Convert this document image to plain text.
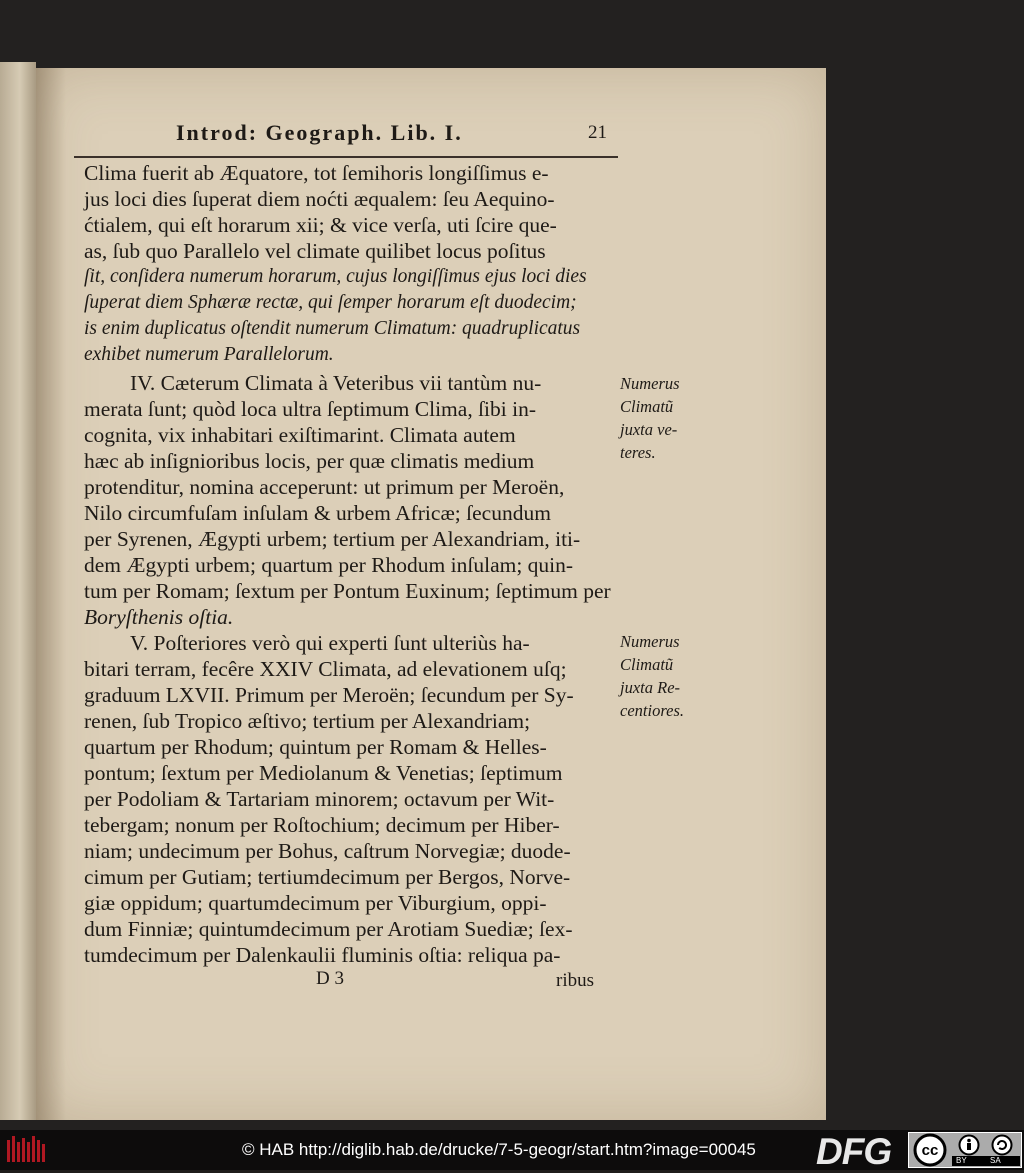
Introd: Geograph. Lib. I.	21
Clima fuerit ab Æquatore, tot ſemihoris longiſſimus e-
jus loci dies ſuperat diem noćti æqualem: ſeu Aequino-
ćtialem, qui eſt horarum xii; & vice verſa, uti ſcire que-
as, ſub quo Parallelo vel climate quilibet locus poſitus
ſit, conſidera numerum horarum, cujus longiſſimus ejus loci dies
ſuperat diem Sphæræ rectæ, qui ſemper horarum eſt duodecim;
is enim duplicatus oſtendit numerum Climatum: quadruplicatus
exhibet numerum Parallelorum.
IV. Cæterum Climata à Veteribus vii tantùm nu-
merata ſunt; quòd loca ultra ſeptimum Clima, ſibi in-
cognita, vix inhabitari exiſtimarint. Climata autem
hæc ab inſignioribus locis, per quæ climatis medium
protenditur, nomina acceperunt: ut primum per Meroën,
Nilo circumfuſam inſulam & urbem Africæ; ſecundum
per Syrenen, Ægypti urbem; tertium per Alexandriam, iti-
dem Ægypti urbem; quartum per Rhodum inſulam; quin-
tum per Romam; ſextum per Pontum Euxinum; ſeptimum per
Boryſthenis oſtia.
V. Poſteriores verò qui experti ſunt ulteriùs ha-
bitari terram, fecêre XXIV Climata, ad elevationem uſq;
graduum LXVII. Primum per Meroën; ſecundum per Sy-
renen, ſub Tropico æſtivo; tertium per Alexandriam;
quartum per Rhodum; quintum per Romam & Helles-
pontum; ſextum per Mediolanum & Venetias; ſeptimum
per Podoliam & Tartariam minorem; octavum per Wit-
tebergam; nonum per Roſtochium; decimum per Hiber-
niam; undecimum per Bohus, caſtrum Norvegiæ; duode-
cimum per Gutiam; tertiumdecimum per Bergos, Norve-
giæ oppidum; quartumdecimum per Viburgium, oppi-
dum Finniæ; quintumdecimum per Arotiam Suediæ; ſex-
tumdecimum per Dalenkaulii fluminis oſtia: reliqua pa-
D 3	ribus
Numerus
Climatũ
juxta ve-
teres.
Numerus
Climatũ
juxta Re-
centiores.
© HAB http://diglib.hab.de/drucke/7-5-geogr/start.htm?image=00045 DFG cc
BY	SA
